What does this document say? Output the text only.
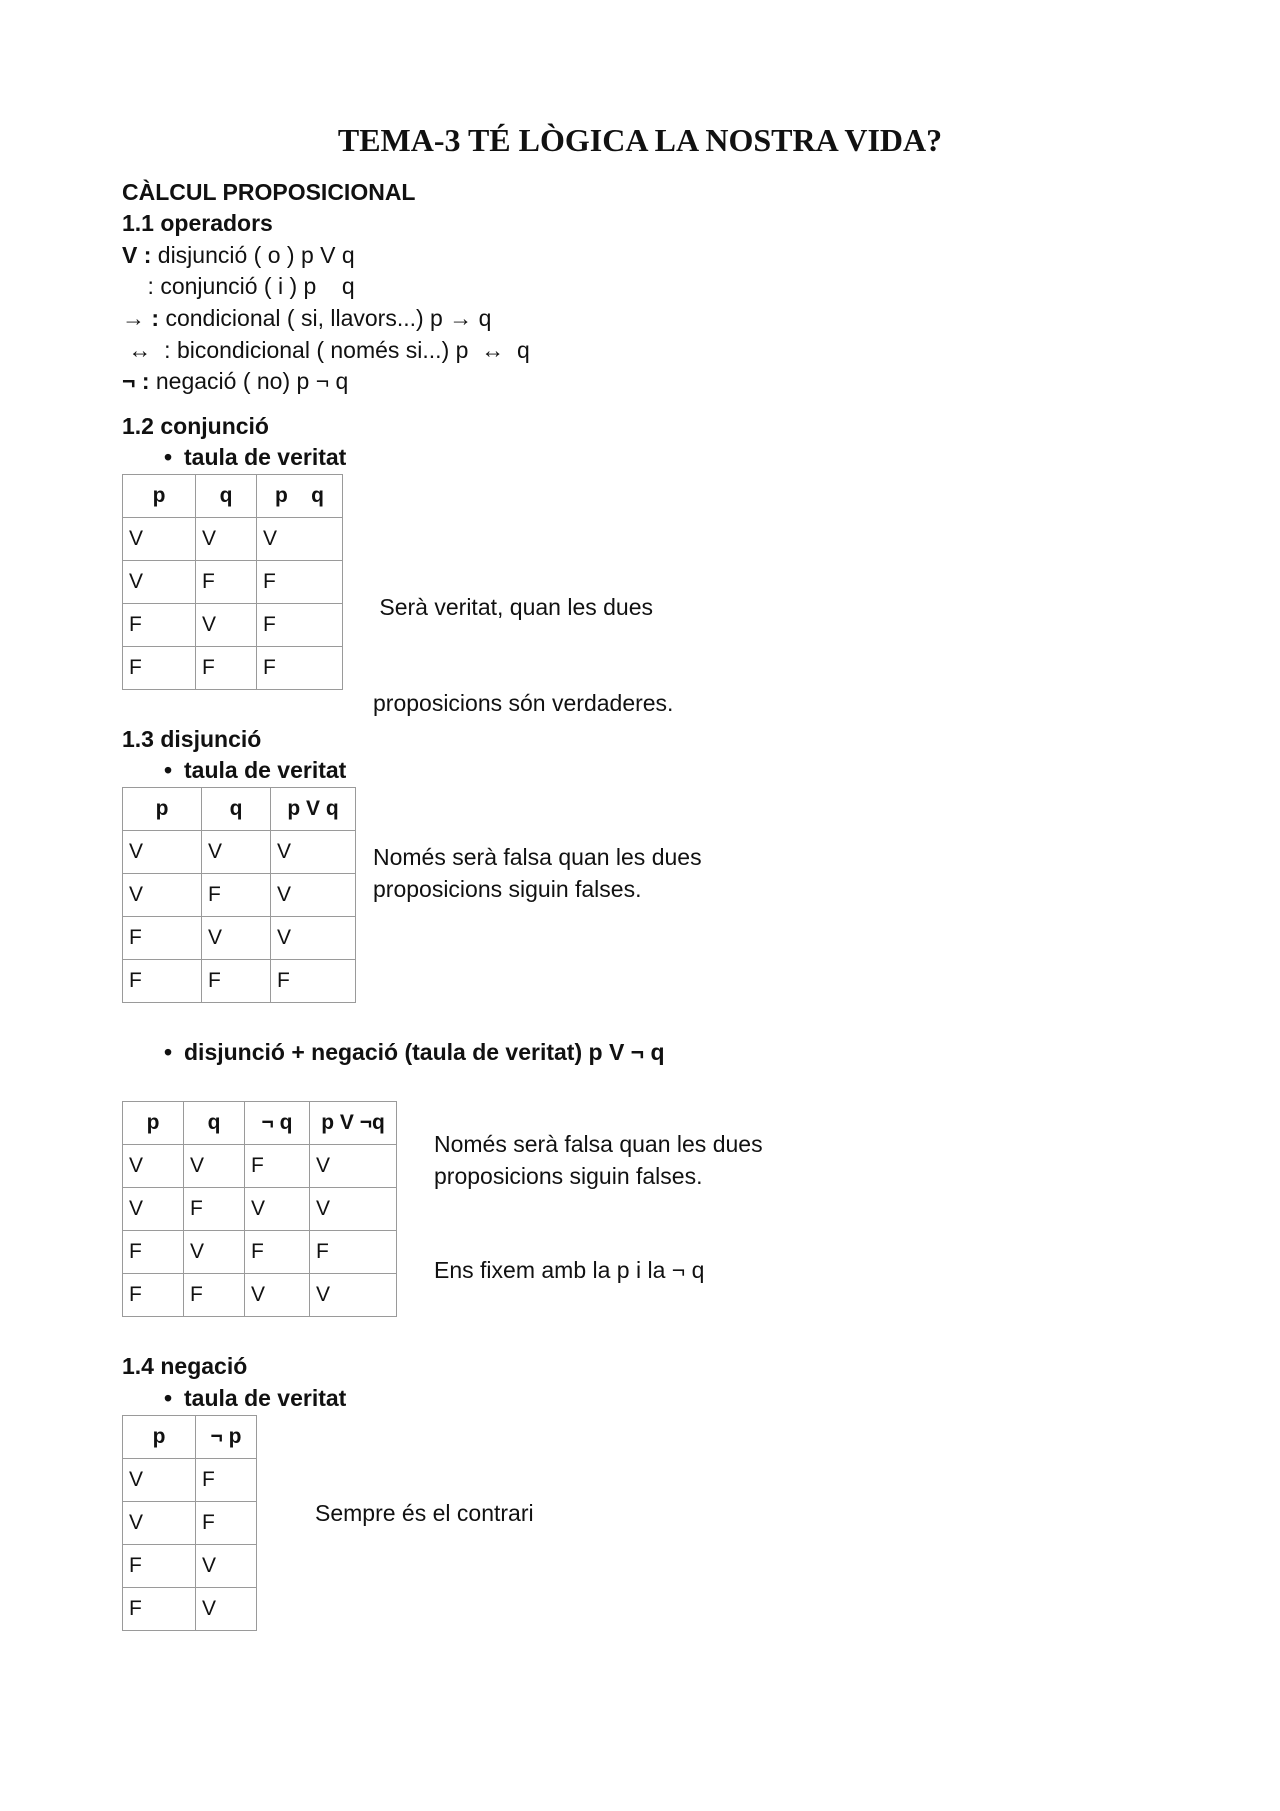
TEMA-3 TÉ LÒGICA LA NOSTRA VIDA?
CÀLCUL PROPOSICIONAL
1.1 operadors
V : disjunció ( o ) p V q
: conjunció ( i ) p    q
→ : condicional ( si, llavors...) p → q
↔  : bicondicional ( només si...) p  ↔  q
¬ : negació ( no) p ¬ q
1.2 conjunció
• taula de veritat
p	q	p    q
V	V	V
V	F	F
F	V	F
F	F	F

Serà veritat, quan les dues

proposicions són verdaderes.

1.3 disjunció
• taula de veritat
p	q	p V q
V	V	V
V	F	V
F	V	V
F	F	F
Només serà falsa quan les dues
proposicions siguin falses.
• disjunció + negació (taula de veritat) p V ¬ q
p	q	¬ q	p V ¬q
V	V	F	V
V	F	V	V
F	V	F	F
F	F	V	V
Només serà falsa quan les dues
proposicions siguin falses.
Ens fixem amb la p i la ¬ q
1.4 negació
• taula de veritat
p	¬ p
V	F
V	F
F	V
F	V
Sempre és el contrari
